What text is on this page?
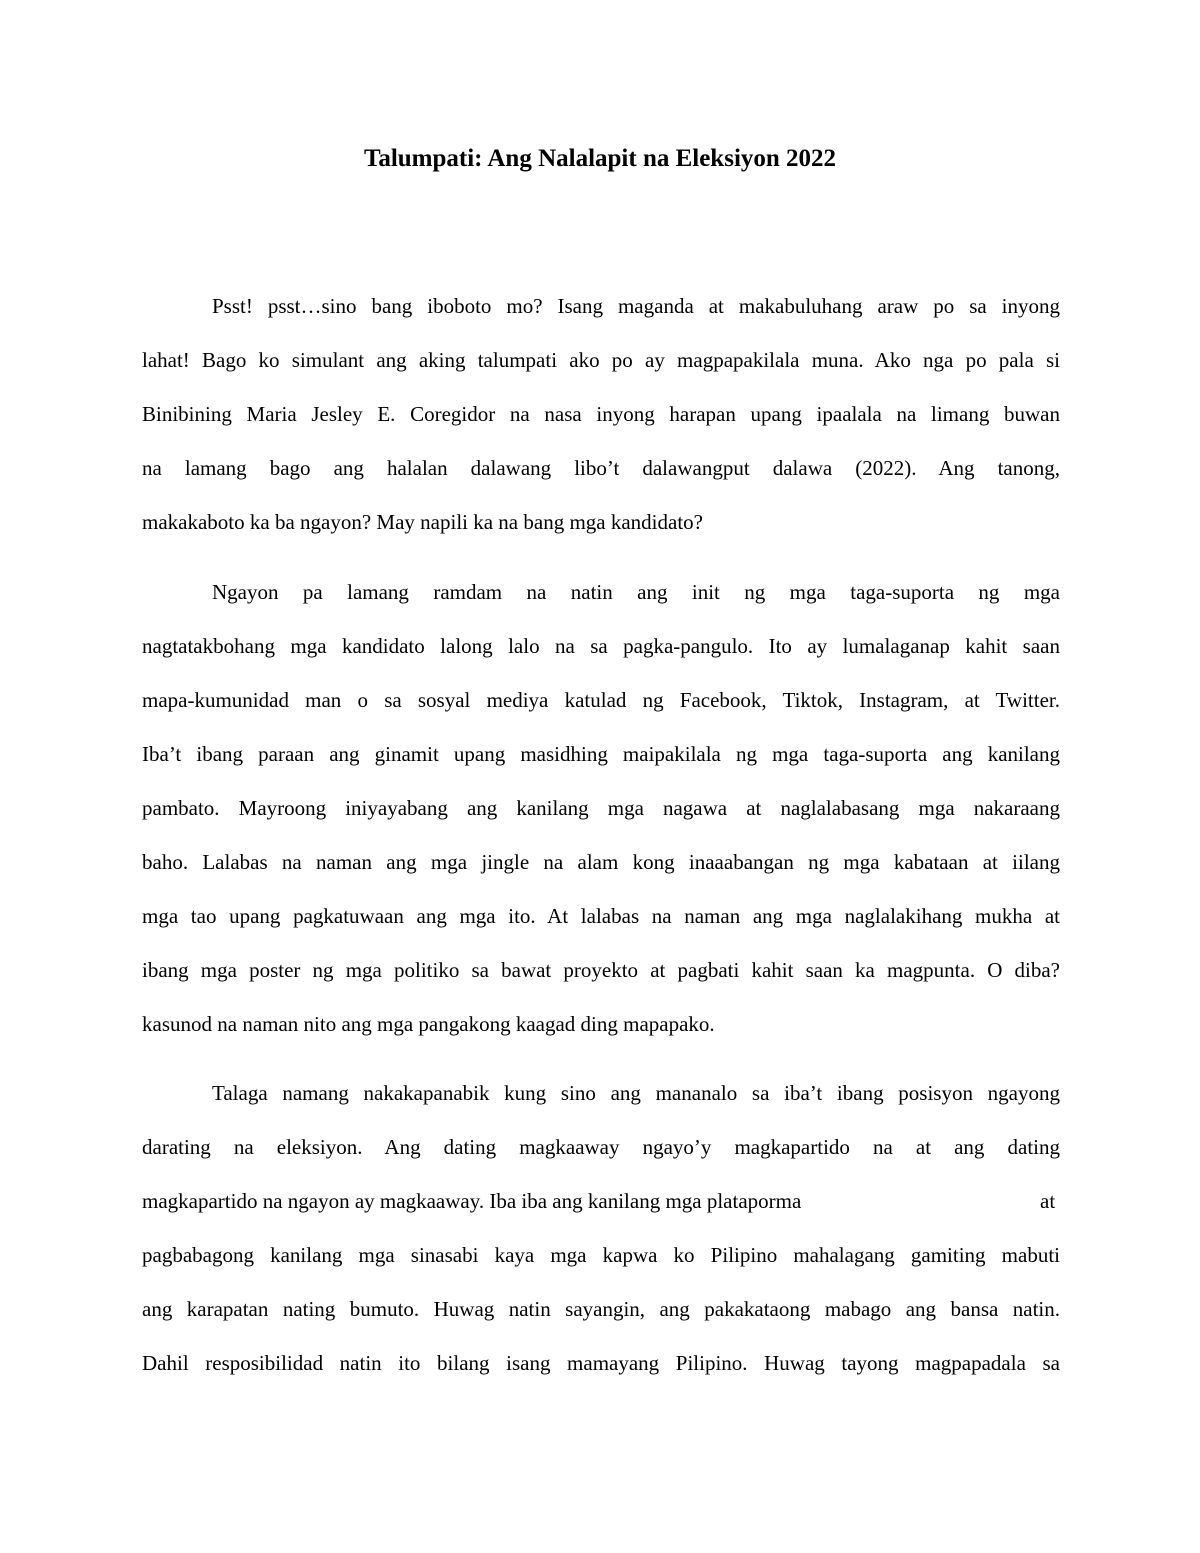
Talumpati: Ang Nalalapit na Eleksiyon 2022

Psst! psst…sino bang iboboto mo? Isang maganda at makabuluhang araw po sa inyong

lahat! Bago ko simulant ang aking talumpati ako po ay magpapakilala muna. Ako nga po pala si

Binibining Maria Jesley E. Coregidor na nasa inyong harapan upang ipaalala na limang buwan

na lamang bago ang halalan dalawang libo’t dalawangput dalawa (2022). Ang tanong,

makakaboto ka ba ngayon? May napili ka na bang mga kandidato?

Ngayon pa lamang ramdam na natin ang init ng mga taga-suporta ng mga

nagtatakbohang mga kandidato lalong lalo na sa pagka-pangulo. Ito ay lumalaganap kahit saan

mapa-kumunidad man o sa sosyal mediya katulad ng Facebook, Tiktok, Instagram, at Twitter.

Iba’t ibang paraan ang ginamit upang masidhing maipakilala ng mga taga-suporta ang kanilang

pambato. Mayroong iniyayabang ang kanilang mga nagawa at naglalabasang mga nakaraang

baho. Lalabas na naman ang mga jingle na alam kong inaaabangan ng mga kabataan at iilang

mga tao upang pagkatuwaan ang mga ito. At lalabas na naman ang mga naglalakihang mukha at

ibang mga poster ng mga politiko sa bawat proyekto at pagbati kahit saan ka magpunta. O diba?

kasunod na naman nito ang mga pangakong kaagad ding mapapako.

Talaga namang nakakapanabik kung sino ang mananalo sa iba’t ibang posisyon ngayong

darating na eleksiyon. Ang dating magkaaway ngayo’y magkapartido na at ang dating

magkapartido na ngayon ay magkaaway. Iba iba ang kanilang mga plataporma	at

pagbabagong kanilang mga sinasabi kaya mga kapwa ko Pilipino mahalagang gamiting mabuti

ang karapatan nating bumuto. Huwag natin sayangin, ang pakakataong mabago ang bansa natin.

Dahil resposibilidad natin ito bilang isang mamayang Pilipino. Huwag tayong magpapadala sa
